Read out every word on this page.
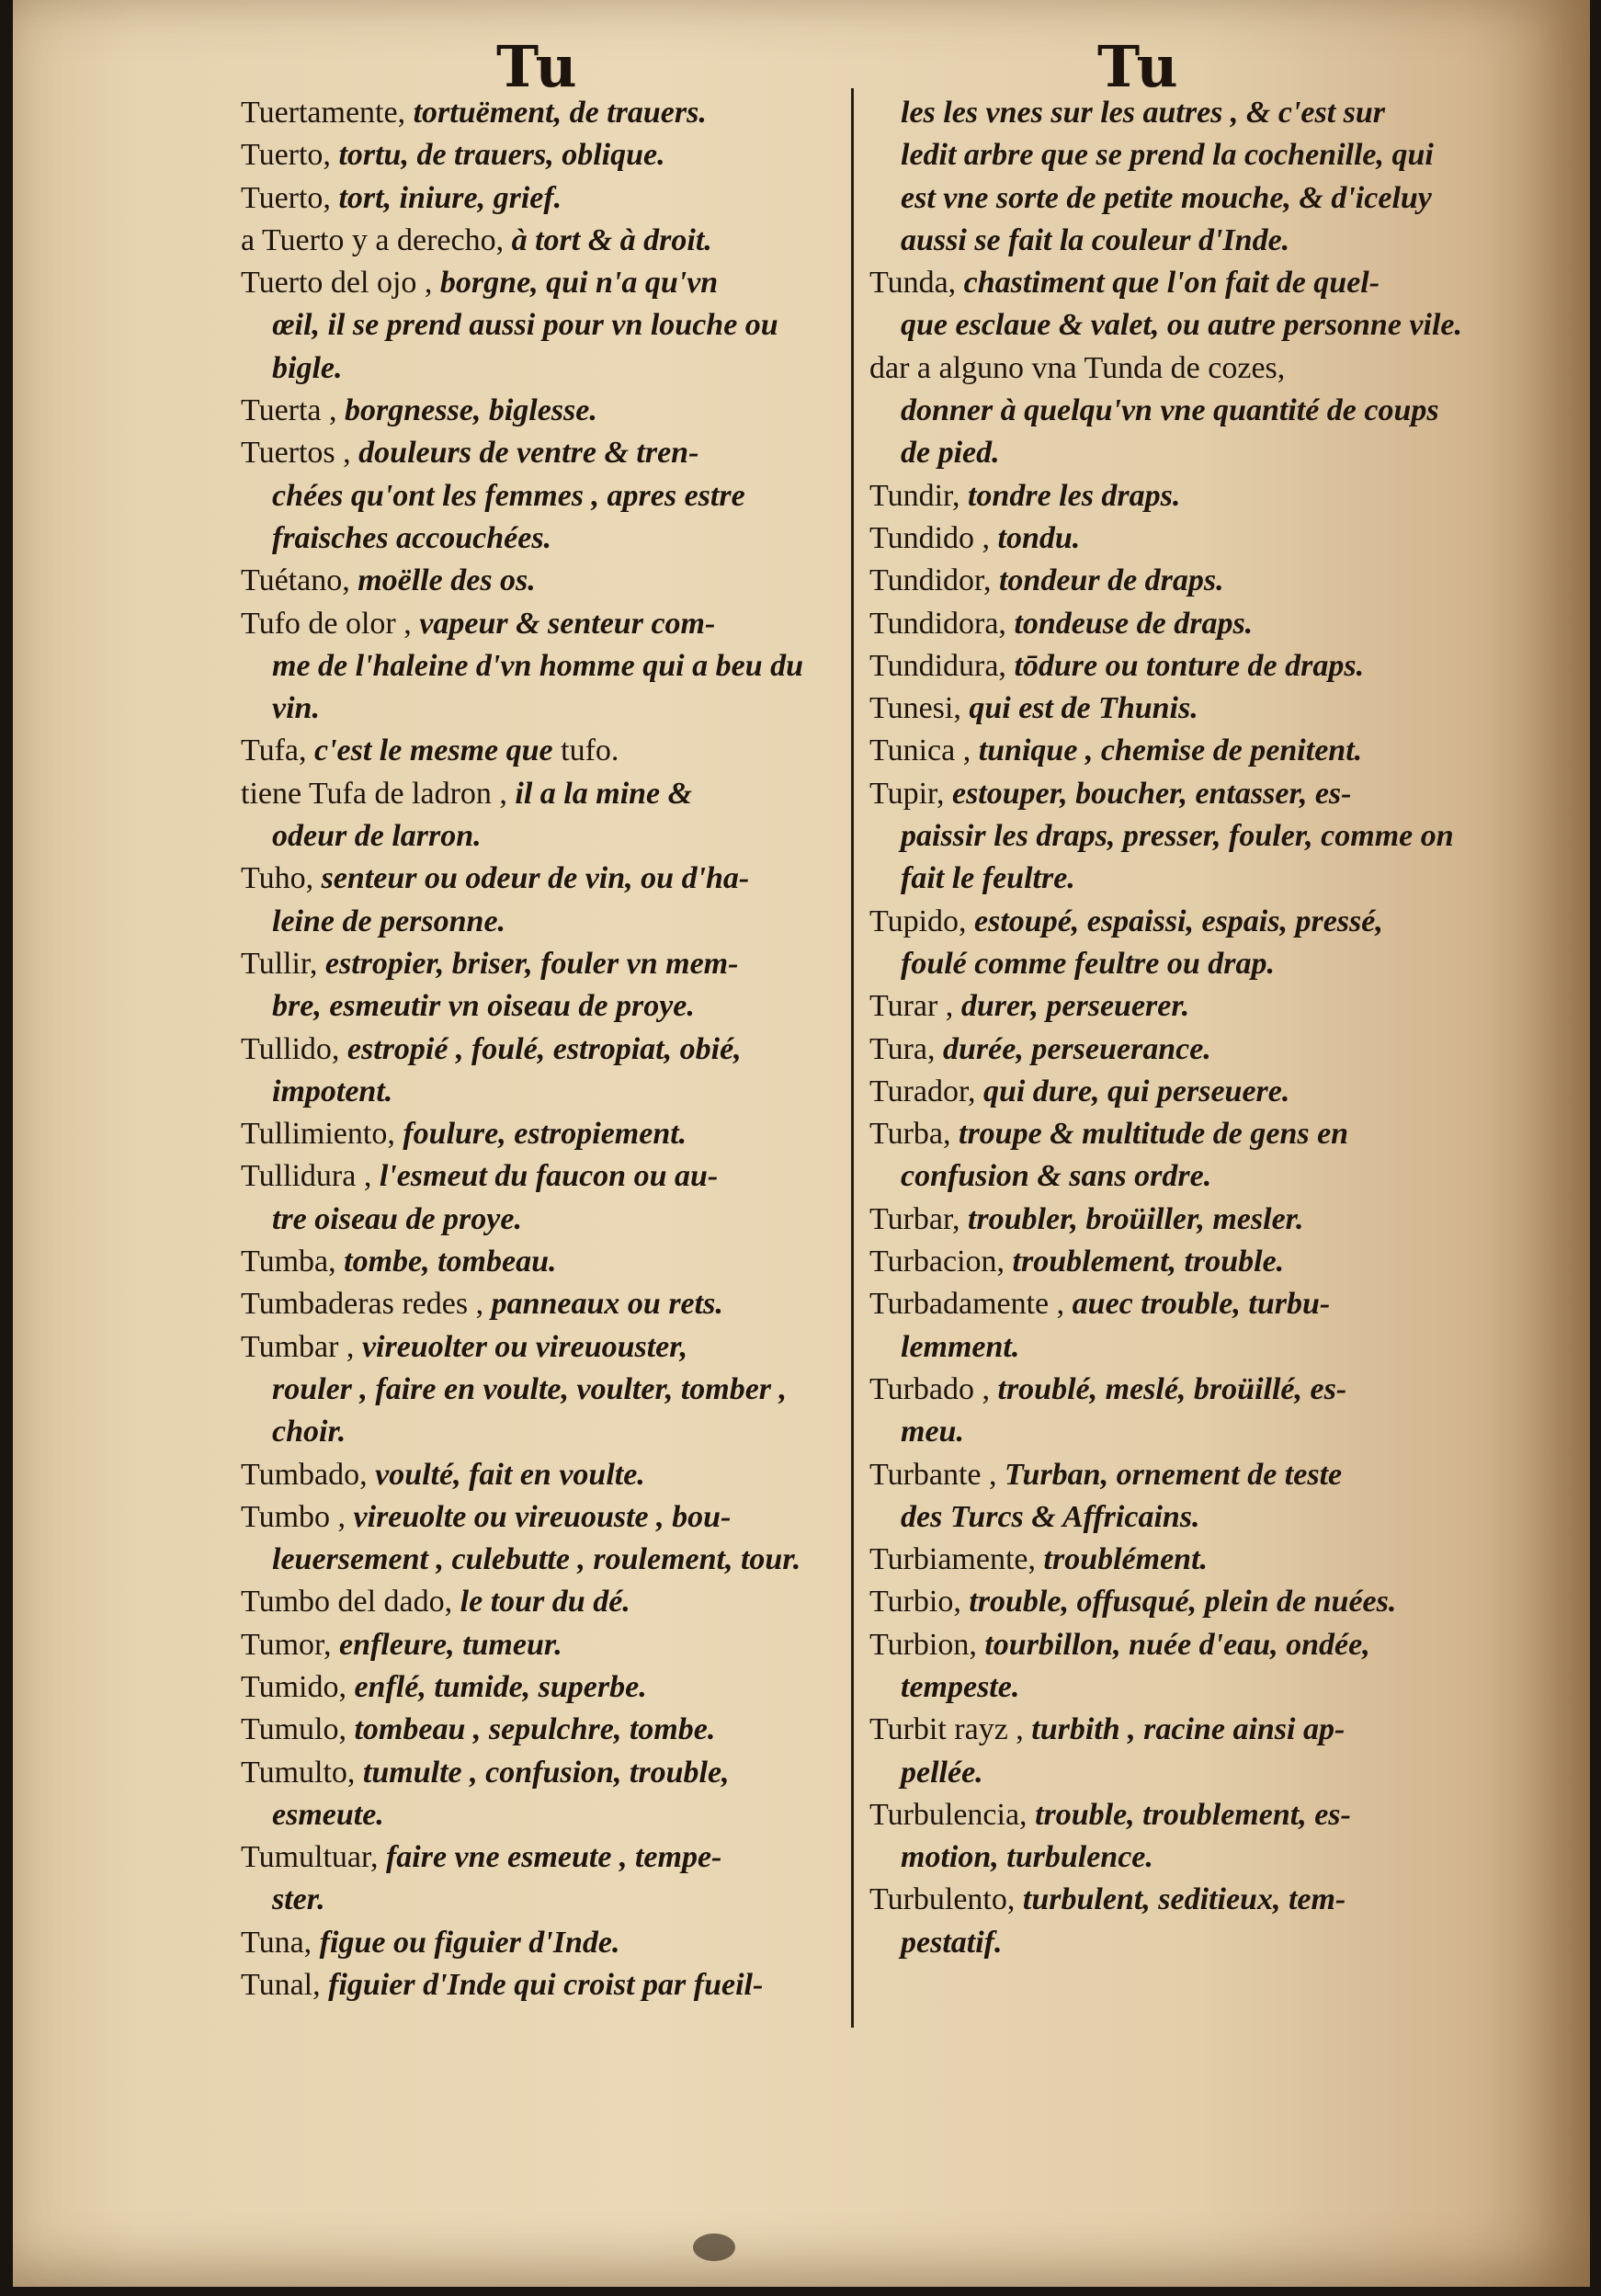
Tu	Tu

Tuertamente, tortuëment, de trauers.

Tuerto, tortu, de trauers, oblique.

Tuerto, tort, iniure, grief.

a Tuerto y a derecho, à tort & à droit.

Tuerto del ojo , borgne, qui n'a qu'vn
œil, il se prend aussi pour vn louche ou bigle.

Tuerta , borgnesse, biglesse.

Tuertos , douleurs de ventre & tren-
chées qu'ont les femmes , apres estre fraisches accouchées.

Tuétano, moëlle des os.

Tufo de olor , vapeur & senteur com-
me de l'haleine d'vn homme qui a beu du vin.

Tufa, c'est le mesme que tufo.

tiene Tufa de ladron , il a la mine &
odeur de larron.

Tuho, senteur ou odeur de vin, ou d'ha-
leine de personne.

Tullir, estropier, briser, fouler vn mem-
bre, esmeutir vn oiseau de proye.

Tullido, estropié , foulé, estropiat, obié,
impotent.

Tullimiento, foulure, estropiement.

Tullidura , l'esmeut du faucon ou au-
tre oiseau de proye.

Tumba, tombe, tombeau.

Tumbaderas redes , panneaux ou rets.

Tumbar , vireuolter ou vireuouster,
rouler , faire en voulte, voulter, tomber , choir.

Tumbado, voulté, fait en voulte.

Tumbo , vireuolte ou vireuouste , bou-
leuersement , culebutte , roulement, tour.

Tumbo del dado, le tour du dé.

Tumor, enfleure, tumeur.

Tumido, enflé, tumide, superbe.

Tumulo, tombeau , sepulchre, tombe.

Tumulto, tumulte , confusion, trouble,
esmeute.

Tumultuar, faire vne esmeute , tempe-
ster.

Tuna, figue ou figuier d'Inde.

Tunal, figuier d'Inde qui croist par fueil-

les les vnes sur les autres , & c'est sur
ledit arbre que se prend la cochenille, qui est vne sorte de petite mouche, & d'iceluy aussi se fait la couleur d'Inde.

Tunda, chastiment que l'on fait de quel-
que esclaue & valet, ou autre personne vile.

dar a alguno vna Tunda de cozes,
donner à quelqu'vn vne quantité de coups de pied.

Tundir, tondre les draps.

Tundido , tondu.

Tundidor, tondeur de draps.

Tundidora, tondeuse de draps.

Tundidura, tōdure ou tonture de draps.

Tunesi, qui est de Thunis.

Tunica , tunique , chemise de penitent.

Tupir, estouper, boucher, entasser, es-
paissir les draps, presser, fouler, comme on fait le feultre.

Tupido, estoupé, espaissi, espais, pressé,
foulé comme feultre ou drap.

Turar , durer, perseuerer.

Tura, durée, perseuerance.

Turador, qui dure, qui perseuere.

Turba, troupe & multitude de gens en
confusion & sans ordre.

Turbar, troubler, broüiller, mesler.

Turbacion, troublement, trouble.

Turbadamente , auec trouble, turbu-
lemment.

Turbado , troublé, meslé, broüillé, es-
meu.

Turbante , Turban, ornement de teste
des Turcs & Affricains.

Turbiamente, troublément.

Turbio, trouble, offusqué, plein de nuées.

Turbion, tourbillon, nuée d'eau, ondée,
tempeste.

Turbit rayz , turbith , racine ainsi ap-
pellée.

Turbulencia, trouble, troublement, es-
motion, turbulence.

Turbulento, turbulent, seditieux, tem-
pestatif.
